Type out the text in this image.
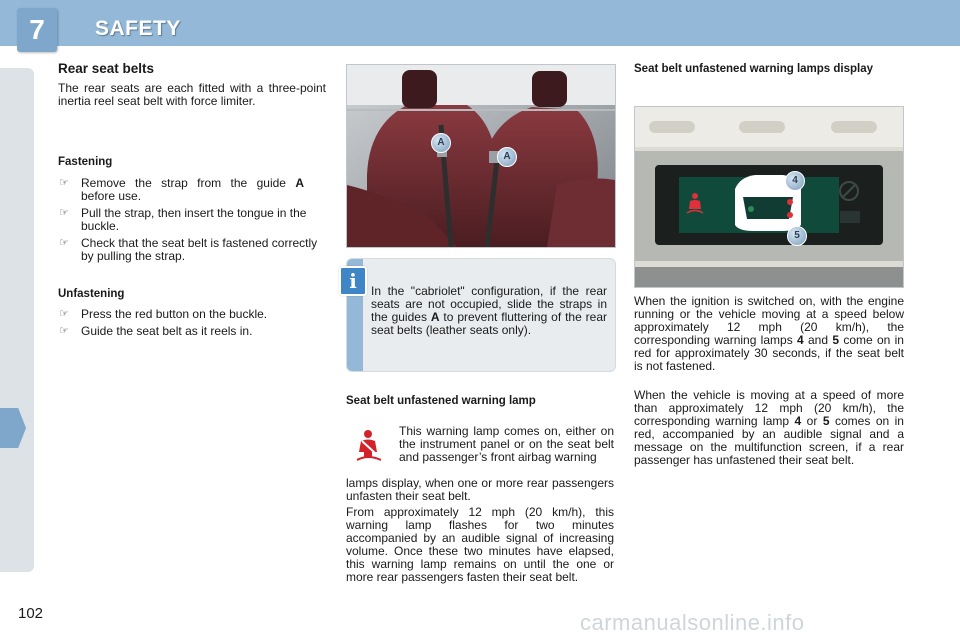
7	SAFETY
Rear seat belts
The rear seats are each fitted with a three-point inertia reel seat belt with force limiter.
Fastening
☞ Remove the strap from the guide A
before use.
☞ Pull the strap, then insert the tongue in the buckle.
☞ Check that the seat belt is fastened correctly by pulling the strap.
Unfastening
☞ Press the red button on the buckle.
☞ Guide the seat belt as it reels in.
A
A
i	In the "cabriolet" configuration, if the rear seats are not occupied, slide the straps in the guides A to prevent fluttering of the rear seat belts (leather seats only).
Seat belt unfastened warning lamp
This warning lamp comes on, either on the instrument panel or on the seat belt and passenger’s front airbag warning
lamps display, when one or more rear passengers unfasten their seat belt.
From approximately 12 mph (20 km/h), this warning lamp flashes for two minutes accompanied by an audible signal of increasing volume. Once these two minutes have elapsed, this warning lamp remains on until the one or more rear passengers fasten their seat belt.
Seat belt unfastened warning lamps display
4
5
When the ignition is switched on, with the engine running or the vehicle moving at a speed below approximately 12 mph (20 km/h), the corresponding warning lamps 4 and 5 come on in red for approximately 30 seconds, if the seat belt is not fastened.
When the vehicle is moving at a speed of more than approximately 12 mph (20 km/h), the corresponding warning lamp 4 or 5 comes on in red, accompanied by an audible signal and a message on the multifunction screen, if a rear passenger has unfastened their seat belt.
102	carmanualsonline.info
